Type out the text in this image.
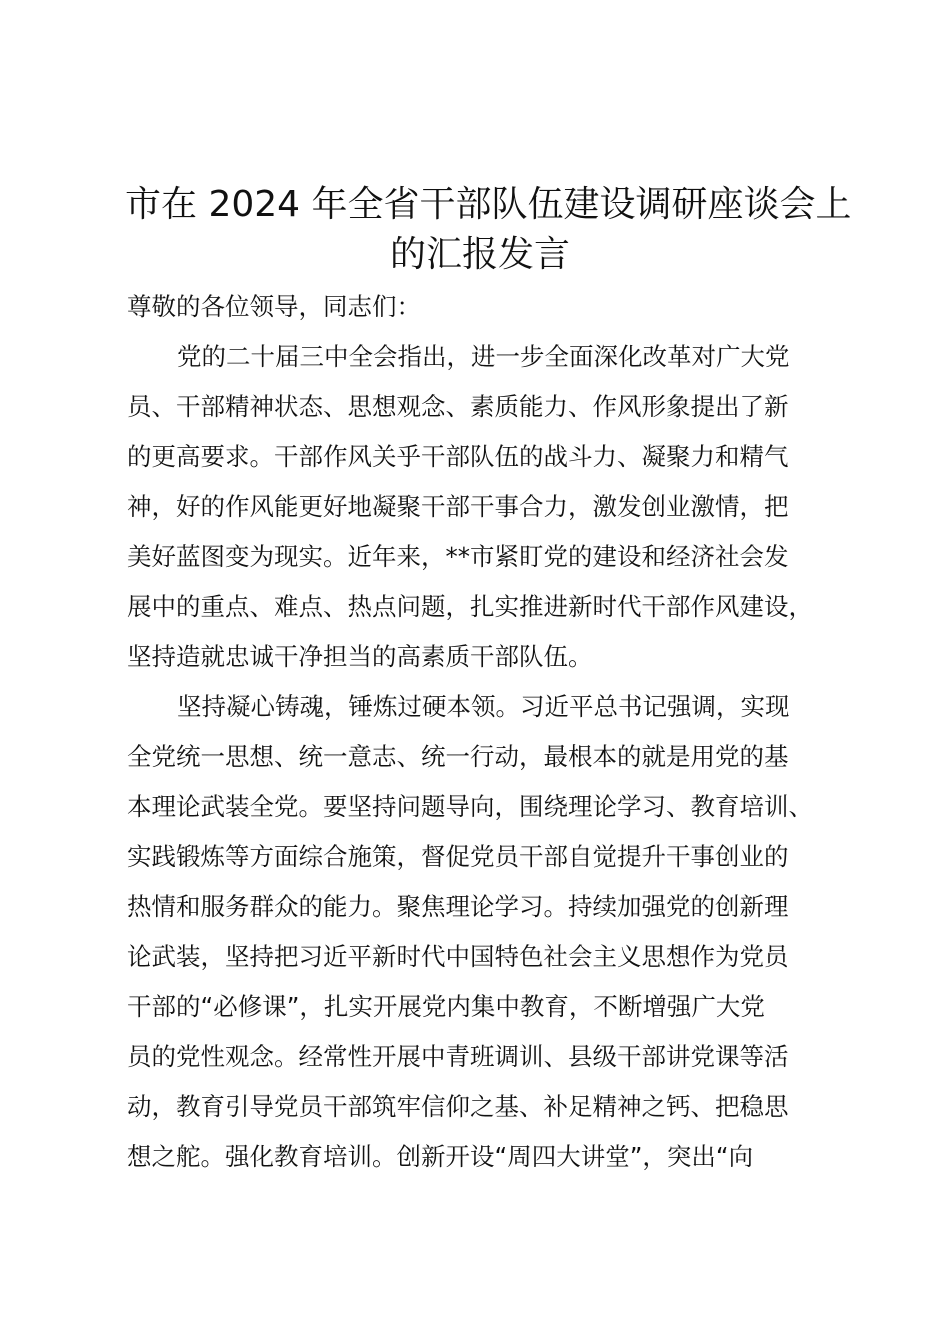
市在 2024 年全省干部队伍建设调研座谈会上
的汇报发言

尊敬的各位领导，同志们：

党的二十届三中全会指出，进一步全面深化改革对广大党
员、干部精神状态、思想观念、素质能力、作风形象提出了新
的更高要求。干部作风关乎干部队伍的战斗力、凝聚力和精气
神，好的作风能更好地凝聚干部干事合力，激发创业激情，把
美好蓝图变为现实。近年来，**市紧盯党的建设和经济社会发
展中的重点、难点、热点问题，扎实推进新时代干部作风建设，
坚持造就忠诚干净担当的高素质干部队伍。

坚持凝心铸魂，锤炼过硬本领。习近平总书记强调，实现
全党统一思想、统一意志、统一行动，最根本的就是用党的基
本理论武装全党。要坚持问题导向，围绕理论学习、教育培训、
实践锻炼等方面综合施策，督促党员干部自觉提升干事创业的
热情和服务群众的能力。聚焦理论学习。持续加强党的创新理
论武装，坚持把习近平新时代中国特色社会主义思想作为党员
干部的“必修课”，扎实开展党内集中教育，不断增强广大党
员的党性观念。经常性开展中青班调训、县级干部讲党课等活
动，教育引导党员干部筑牢信仰之基、补足精神之钙、把稳思
想之舵。强化教育培训。创新开设“周四大讲堂”，突出“向
